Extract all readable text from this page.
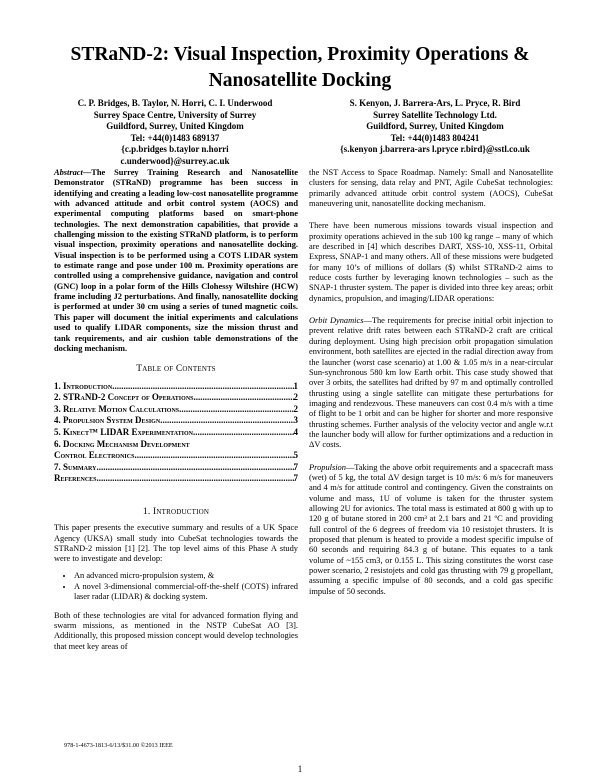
STRaND-2: Visual Inspection, Proximity Operations & Nanosatellite Docking
C. P. Bridges, B. Taylor, N. Horri, C. I. Underwood
Surrey Space Centre, University of Surrey
Guildford, Surrey, United Kingdom
Tel: +44(0)1483 689137
{c.p.bridges b.taylor n.horri
c.underwood}@surrey.ac.uk
S. Kenyon, J. Barrera-Ars, L. Pryce, R. Bird
Surrey Satellite Technology Ltd.
Guildford, Surrey, United Kingdom
Tel: +44(0)1483 804241
{s.kenyon j.barrera-ars l.pryce r.bird}@sstl.co.uk

Abstract—The Surrey Training Research and Nanosatellite Demonstrator (STRaND) programme has been success in identifying and creating a leading low-cost nanosatellite programme with advanced attitude and orbit control system (AOCS) and experimental computing platforms based on smart-phone technologies. The next demonstration capabilities, that provide a challenging mission to the existing STRaND platform, is to perform visual inspection, proximity operations and nanosatellite docking. Visual inspection is to be performed using a COTS LIDAR system to estimate range and pose under 100 m. Proximity operations are controlled using a comprehensive guidance, navigation and control (GNC) loop in a polar form of the Hills Clohessy Wiltshire (HCW) frame including J2 perturbations. And finally, nanosatellite docking is performed at under 30 cm using a series of tuned magnetic coils. This paper will document the initial experiments and calculations used to qualify LIDAR components, size the mission thrust and tank requirements, and air cushion table demonstrations of the docking mechanism.

Table of Contents
1. Introduction .....	1
2. STRaND-2 Concept of Operations .....	2
3. Relative Motion Calculations .....	2
4. Propulsion System Design .....	3
5. Kinect™ LIDAR Experimentation .....	4
6. Docking Mechanism Development
Control Electronics .....	5
7. Summary .....	7
References .....	7
1. Introduction

This paper presents the executive summary and results of a UK Space Agency (UKSA) small study into CubeSat technologies towards the STRaND-2 mission [1] [2]. The top level aims of this Phase A study were to investigate and develop:

• An advanced micro-propulsion system, &
• A novel 3-dimensional commercial-off-the-shelf (COTS) infrared laser radar (LIDAR) & docking system.

Both of these technologies are vital for advanced formation flying and swarm missions, as mentioned in the NSTP CubeSat AO [3]. Additionally, this proposed mission concept would develop technologies that meet key areas of

the NST Access to Space Roadmap. Namely: Small and Nanosatellite clusters for sensing, data relay and PNT, Agile CubeSat technologies: primarily advanced attitude orbit control system (AOCS), CubeSat maneuvering unit, nanosatellite docking mechanism.

There have been numerous missions towards visual inspection and proximity operations achieved in the sub 100 kg range – many of which are described in [4] which describes DART, XSS-10, XSS-11, Orbital Express, SNAP-1 and many others. All of these missions were budgeted for many 10’s of millions of dollars ($) whilst STRaND-2 aims to reduce costs further by leveraging known technologies – such as the SNAP-1 thruster system. The paper is divided into three key areas; orbit dynamics, propulsion, and imaging/LIDAR operations:

Orbit Dynamics—The requirements for precise initial orbit injection to prevent relative drift rates between each STRaND-2 craft are critical during deployment. Using high precision orbit propagation simulation environment, both satellites are ejected in the radial direction away from the launcher (worst case scenario) at 1.00 & 1.05 m/s in a near-circular Sun-synchronous 580 km low Earth orbit. This case study showed that over 3 orbits, the satellites had drifted by 97 m and optimally controlled thrusting using a single satellite can mitigate these perturbations for imaging and rendezvous. These maneuvers can cost 0.4 m/s with a time of flight to be 1 orbit and can be higher for shorter and more responsive thrusting schemes. Further analysis of the velocity vector and angle w.r.t the launcher body will allow for further optimizations and a reduction in ΔV costs.

Propulsion—Taking the above orbit requirements and a spacecraft mass (wet) of 5 kg, the total ΔV design target is 10 m/s: 6 m/s for maneuvers and 4 m/s for attitude control and contingency. Given the constraints on volume and mass, 1U of volume is taken for the thruster system allowing 2U for avionics. The total mass is estimated at 800 g with up to 120 g of butane stored in 200 cm³ at 2.1 bars and 21 ºC and providing full control of the 6 degrees of freedom via 10 resistojet thrusters. It is proposed that plenum is heated to provide a modest specific impulse of 60 seconds and requiring 84.3 g of butane. This equates to a tank volume of ~155 cm3, or 0.155 L. This sizing constitutes the worst case power scenario, 2 resistojets and cold gas thrusting with 79 g propellant, assuming a specific impulse of 80 seconds, and a cold gas specific impulse of 50 seconds.

978-1-4673-1813-6/13/$31.00 ©2013 IEEE
1
